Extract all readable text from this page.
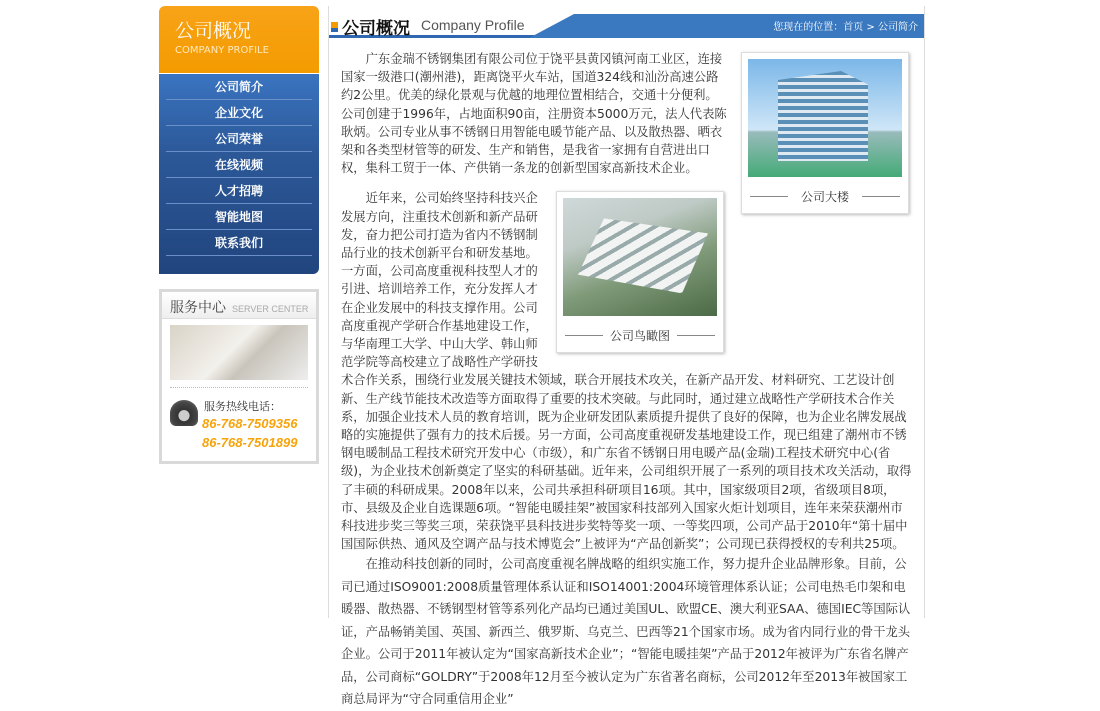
公司概况
COMPANY PROFILE
公司简介
企业文化
公司荣誉
在线视频
人才招聘
智能地图
联系我们
服务中心 SERVER CENTER
服务热线电话：
86-768-7509356
86-768-7501899
公司概况 Company Profile	您现在的位置：首页 > 公司简介
公司大楼

广东金瑞不锈钢集团有限公司位于饶平县黄冈镇河南工业区，连接国家一级港口(潮州港)，距离饶平火车站，国道324线和汕汾高速公路约2公里。优美的绿化景观与优越的地理位置相结合，交通十分便利。公司创建于1996年，占地面积90亩，注册资本5000万元，法人代表陈耿炳。公司专业从事不锈钢日用智能电暖节能产品、以及散热器、晒衣架和各类型材管等的研发、生产和销售，是我省一家拥有自营进出口权，集科工贸于一体、产供销一条龙的创新型国家高新技术企业。

公司鸟瞰图

近年来，公司始终坚持科技兴企发展方向，注重技术创新和新产品研发，奋力把公司打造为省内不锈钢制品行业的技术创新平台和研发基地。一方面，公司高度重视科技型人才的引进、培训培养工作，充分发挥人才在企业发展中的科技支撑作用。公司高度重视产学研合作基地建设工作，与华南理工大学、中山大学、韩山师范学院等高校建立了战略性产学研技术合作关系，围绕行业发展关键技术领域，联合开展技术攻关，在新产品开发、材料研究、工艺设计创新、生产线节能技术改造等方面取得了重要的技术突破。与此同时，通过建立战略性产学研技术合作关系，加强企业技术人员的教育培训，既为企业研发团队素质提升提供了良好的保障，也为企业名牌发展战略的实施提供了强有力的技术后援。另一方面，公司高度重视研发基地建设工作，现已组建了潮州市不锈钢电暖制品工程技术研究开发中心（市级），和广东省不锈钢日用电暖产品(金瑞)工程技术研究中心(省级)，为企业技术创新奠定了坚实的科研基础。近年来，公司组织开展了一系列的项目技术攻关活动，取得了丰硕的科研成果。2008年以来，公司共承担科研项目16项。其中，国家级项目2项，省级项目8项，市、县级及企业自选课题6项。“智能电暖挂架”被国家科技部列入国家火炬计划项目，连年来荣获潮州市科技进步奖三等奖三项，荣获饶平县科技进步奖特等奖一项、一等奖四项，公司产品于2010年“第十届中国国际供热、通风及空调产品与技术博览会”上被评为“产品创新奖”；公司现已获得授权的专利共25项。

在推动科技创新的同时，公司高度重视名牌战略的组织实施工作，努力提升企业品牌形象。目前，公司已通过ISO9001:2008质量管理体系认证和ISO14001:2004环境管理体系认证；公司电热毛巾架和电暖器、散热器、不锈钢型材管等系列化产品均已通过美国UL、欧盟CE、澳大利亚SAA、德国IEC等国际认证，产品畅销美国、英国、新西兰、俄罗斯、乌克兰、巴西等21个国家市场。成为省内同行业的骨干龙头企业。公司于2011年被认定为“国家高新技术企业”；“智能电暖挂架”产品于2012年被评为广东省名牌产品，公司商标“GOLDRY”于2008年12月至今被认定为广东省著名商标，公司2012年至2013年被国家工商总局评为“守合同重信用企业”
